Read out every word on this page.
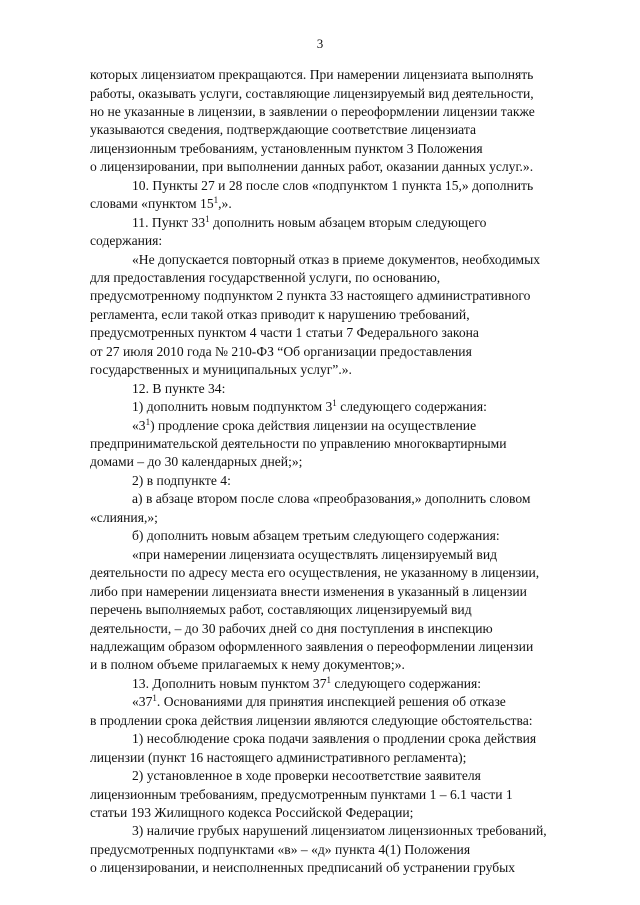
3
которых лицензиатом прекращаются. При намерении лицензиата выполнять
работы, оказывать услуги, составляющие лицензируемый вид деятельности,
но не указанные в лицензии, в заявлении о переоформлении лицензии также
указываются сведения, подтверждающие соответствие лицензиата
лицензионным требованиям, установленным пунктом 3 Положения
о лицензировании, при выполнении данных работ, оказании данных услуг.».
10. Пункты 27 и 28 после слов «подпунктом 1 пункта 15,» дополнить
словами «пунктом $15^1$,».
11. Пункт $33^1$ дополнить новым абзацем вторым следующего
содержания:
«Не допускается повторный отказ в приеме документов, необходимых
для предоставления государственной услуги, по основанию,
предусмотренному подпунктом 2 пункта 33 настоящего административного
регламента, если такой отказ приводит к нарушению требований,
предусмотренных пунктом 4 части 1 статьи 7 Федерального закона
от 27 июля 2010 года № 210-ФЗ “Об организации предоставления
государственных и муниципальных услуг”.».
12. В пункте 34:
1) дополнить новым подпунктом $3^1$ следующего содержания:
«$3^1$) продление срока действия лицензии на осуществление
предпринимательской деятельности по управлению многоквартирными
домами – до 30 календарных дней;»;
2) в подпункте 4:
а) в абзаце втором после слова «преобразования,» дополнить словом
«слияния,»;
б) дополнить новым абзацем третьим следующего содержания:
«при намерении лицензиата осуществлять лицензируемый вид
деятельности по адресу места его осуществления, не указанному в лицензии,
либо при намерении лицензиата внести изменения в указанный в лицензии
перечень выполняемых работ, составляющих лицензируемый вид
деятельности, – до 30 рабочих дней со дня поступления в инспекцию
надлежащим образом оформленного заявления о переоформлении лицензии
и в полном объеме прилагаемых к нему документов;».
13. Дополнить новым пунктом $37^1$ следующего содержания:
«$37^1$. Основаниями для принятия инспекцией решения об отказе
в продлении срока действия лицензии являются следующие обстоятельства:
1) несоблюдение срока подачи заявления о продлении срока действия
лицензии (пункт 16 настоящего административного регламента);
2) установленное в ходе проверки несоответствие заявителя
лицензионным требованиям, предусмотренным пунктами 1 – 6.1 части 1
статьи 193 Жилищного кодекса Российской Федерации;
3) наличие грубых нарушений лицензиатом лицензионных требований,
предусмотренных подпунктами «в» – «д» пункта 4(1) Положения
о лицензировании, и неисполненных предписаний об устранении грубых
